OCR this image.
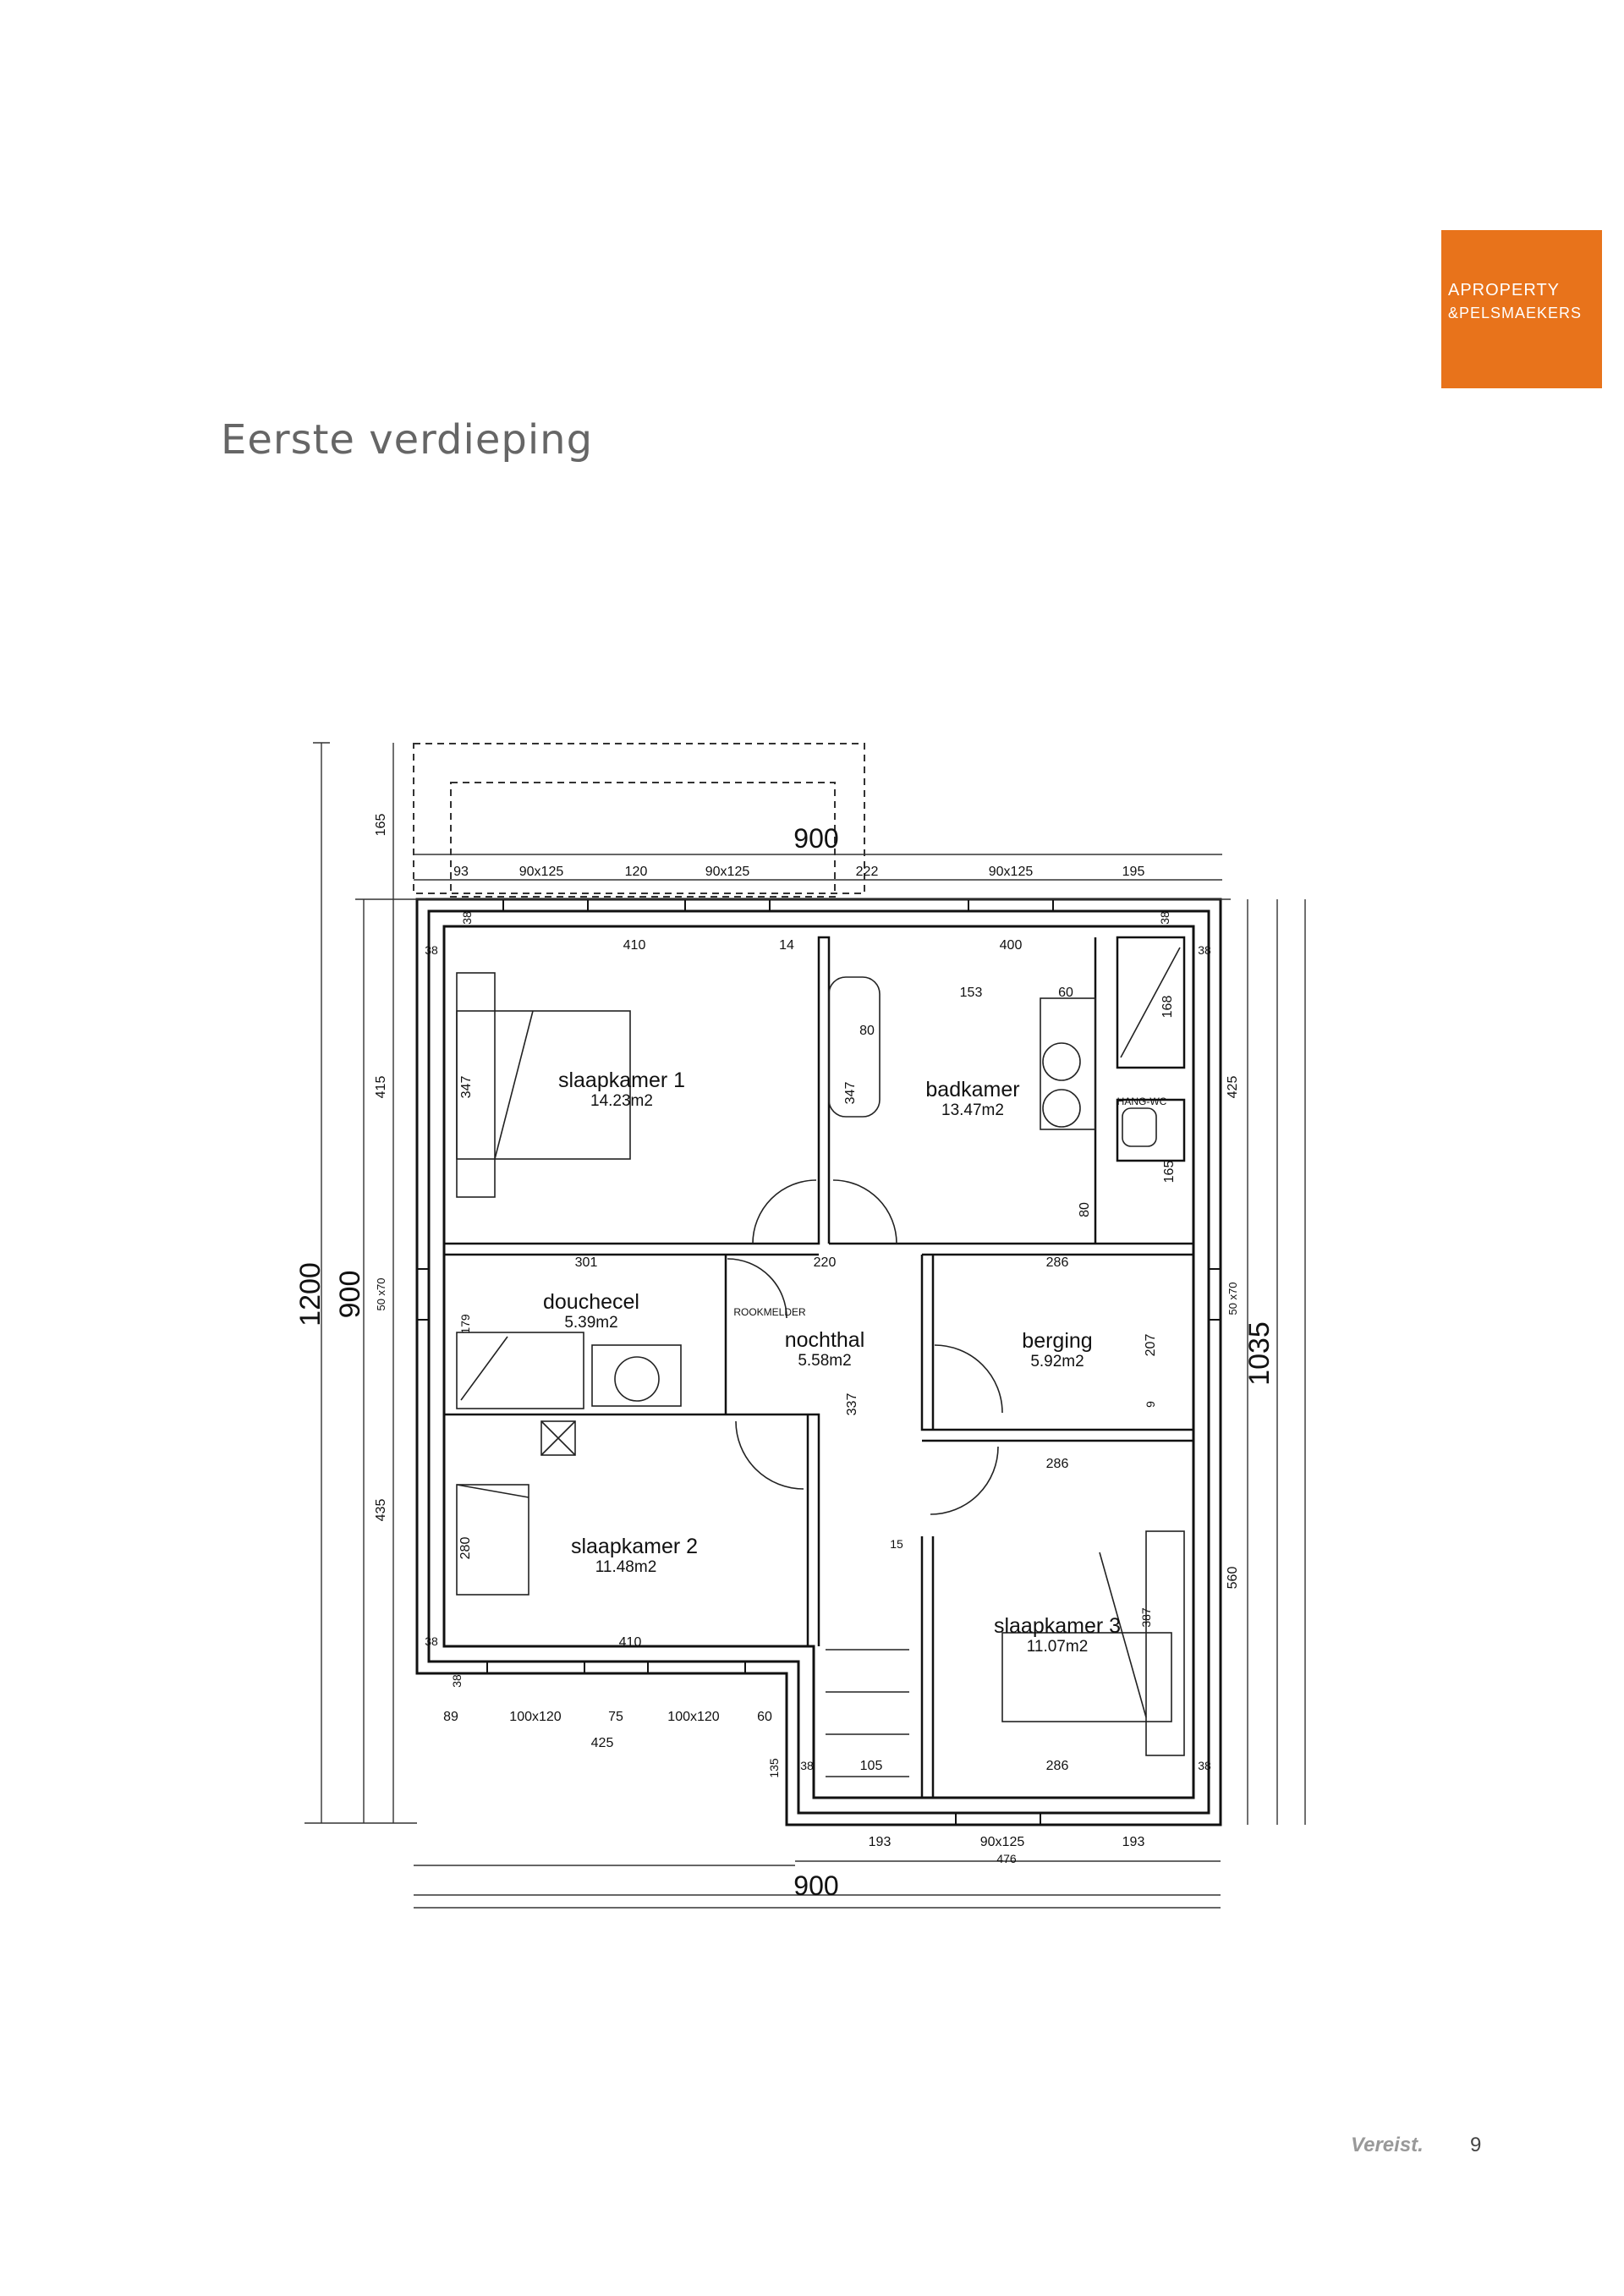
APROPERTY
&PELSMAEKERS
Eerste verdieping
slaapkamer 1
14.23m2	badkamer
13.47m2
douchecel
5.39m2
nochthal
5.58m2
berging
5.92m2
slaapkamer 2
11.48m2
slaapkamer 3
11.07m2
ROOKMELDER
HANG-WC
900
900
1200 900
1035
93	90x125	120	90x125	222	90x125	195
410	14	400
153	60
80
347
168
425
165
80
347
415
165
301	220	286
38
38
38
38
38
38
38	38
50 x70	50 x70
179
337
207
9
286
435
280	15
387
560
410
105	286
135
476
89	100x120	75	100x120	60
425
193	90x125	193
Vereist. 9
